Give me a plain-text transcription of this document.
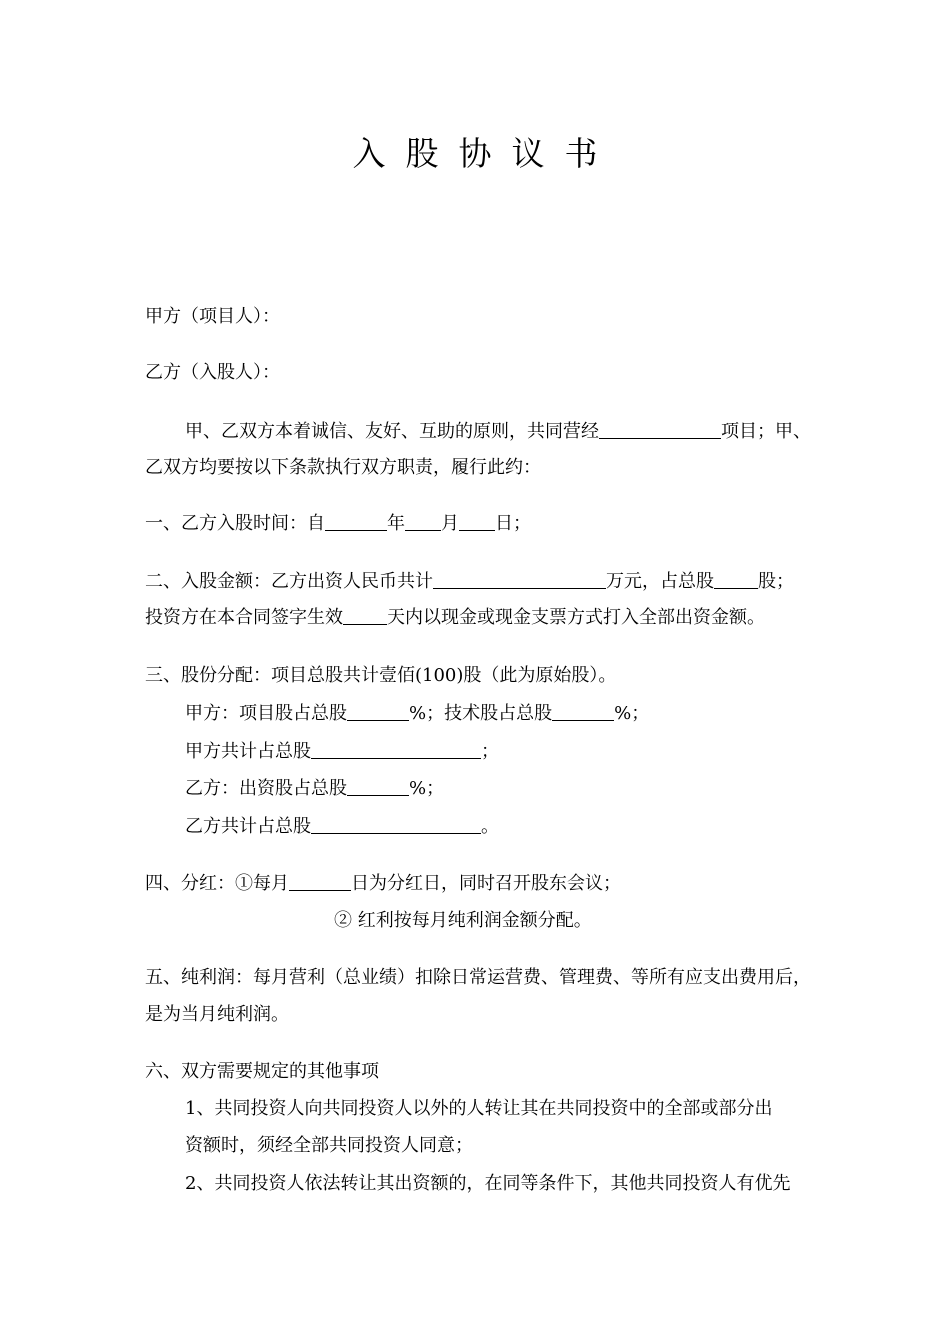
入股协议书
甲方（项目人）：
乙方（入股人）：
甲、乙双方本着诚信、友好、互助的原则，共同营经	项目；甲、
乙双方均要按以下条款执行双方职责，履行此约：
一、乙方入股时间：自	年 月 日；
二、入股金额：乙方出资人民币共计	万元，占总股 股；
投资方在本合同签字生效 天内以现金或现金支票方式打入全部出资金额。
三、股份分配：项目总股共计壹佰(100)股（此为原始股）。
甲方：项目股占总股	%；技术股占总股	%；
甲方共计占总股	；
乙方：出资股占总股	%；
乙方共计占总股	。
四、分红：①每月	日为分红日，同时召开股东会议；
② 红利按每月纯利润金额分配。
五、纯利润：每月营利（总业绩）扣除日常运营费、管理费、等所有应支出费用后，
是为当月纯利润。
六、双方需要规定的其他事项
1、共同投资人向共同投资人以外的人转让其在共同投资中的全部或部分出
资额时，须经全部共同投资人同意；
2、共同投资人依法转让其出资额的，在同等条件下，其他共同投资人有优先
